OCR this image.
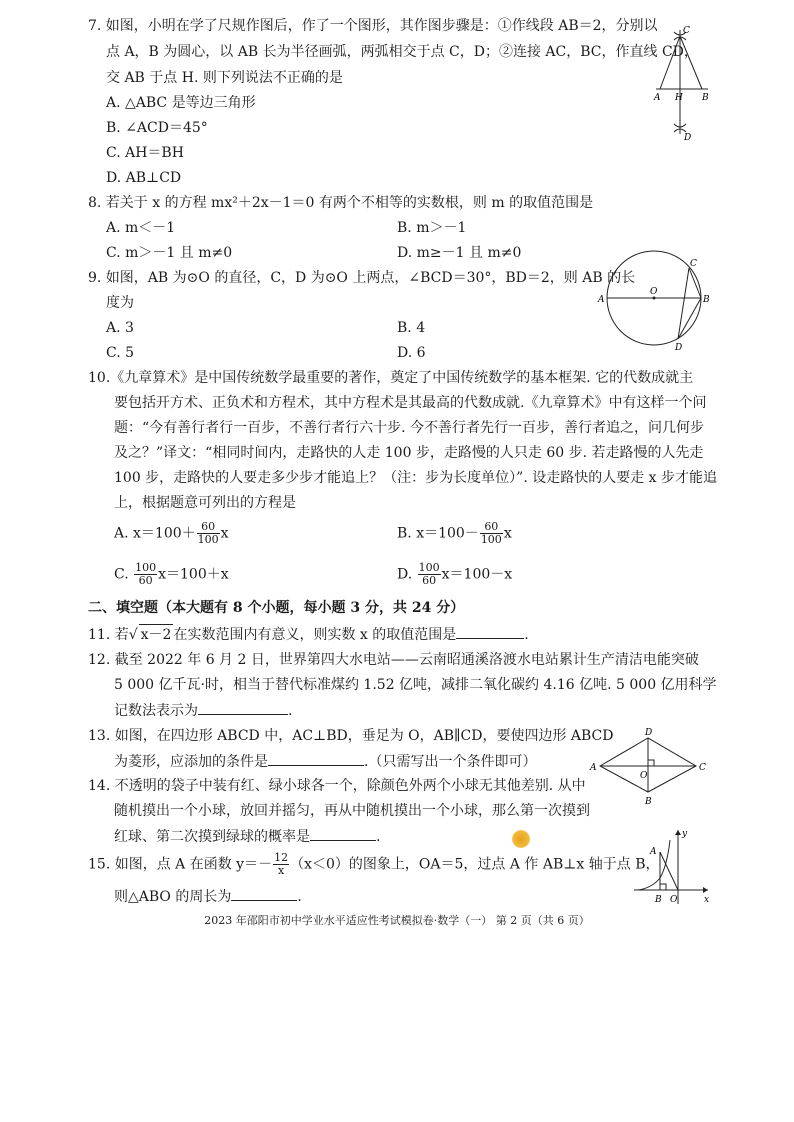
7. 如图，小明在学了尺规作图后，作了一个图形，其作图步骤是：①作线段 AB＝2，分别以
点 A，B 为圆心，以 AB 长为半径画弧，两弧相交于点 C，D；②连接 AC，BC，作直线 CD，
交 AB 于点 H. 则下列说法不正确的是
A. △ABC 是等边三角形
B. ∠ACD＝45°
C. AH＝BH
D. AB⊥CD
C
A H B
D
8. 若关于 x 的方程 mx²＋2x－1＝0 有两个不相等的实数根，则 m 的取值范围是
A. m＜－1	B. m＞－1
C. m＞－1 且 m≠0	D. m≥－1 且 m≠0
9. 如图，AB 为⊙O 的直径，C，D 为⊙O 上两点，∠BCD＝30°，BD＝2，则 AB 的长
度为
A. 3	B. 4
C. 5	D. 6
A
O
B
C
D
10.《九章算术》是中国传统数学最重要的著作，奠定了中国传统数学的基本框架. 它的代数成就主
要包括开方术、正负术和方程术，其中方程术是其最高的代数成就.《九章算术》中有这样一个问
题：“今有善行者行一百步，不善行者行六十步. 今不善行者先行一百步，善行者追之，问几何步
及之？”译文：“相同时间内，走路快的人走 100 步，走路慢的人只走 60 步. 若走路慢的人先走
100 步，走路快的人要走多少步才能追上？（注：步为长度单位）”. 设走路快的人要走 x 步才能追
上，根据题意可列出的方程是
A. $x=100+ \frac{60}{100}$ x	B. $x=100- \frac{60}{100}$ x
C. $\frac{100}{60} x=100+x$	D. $\frac{100}{60} x=100-x$
二、填空题（本大题有 8 个小题，每小题 3 分，共 24 分）
11. 若√ x－2 在实数范围内有意义，则实数 x 的取值范围是	.
12. 截至 2022 年 6 月 2 日，世界第四大水电站——云南昭通溪洛渡水电站累计生产清洁电能突破
5 000 亿千瓦·时，相当于替代标准煤约 1.52 亿吨，减排二氧化碳约 4.16 亿吨. 5 000 亿用科学
记数法表示为	.
13. 如图，在四边形 ABCD 中，AC⊥BD，垂足为 O，AB∥CD，要使四边形 ABCD
为菱形，应添加的条件是	.（只需写出一个条件即可）	A
D
C
B
O
14. 不透明的袋子中装有红、绿小球各一个，除颜色外两个小球无其他差别. 从中
随机摸出一个小球，放回并摇匀，再从中随机摸出一个小球，那么第一次摸到
红球、第二次摸到绿球的概率是	.
15. 如图，点 A 在函数 $y=- \frac{12}{x} (x<0)$的图象上，OA＝5，过点 A 作 AB⊥x 轴于点 B，
则△ABO 的周长为	.
y
A
B O	x
2023 年邵阳市初中学业水平适应性考试模拟卷·数学（一） 第 2 页（共 6 页）
